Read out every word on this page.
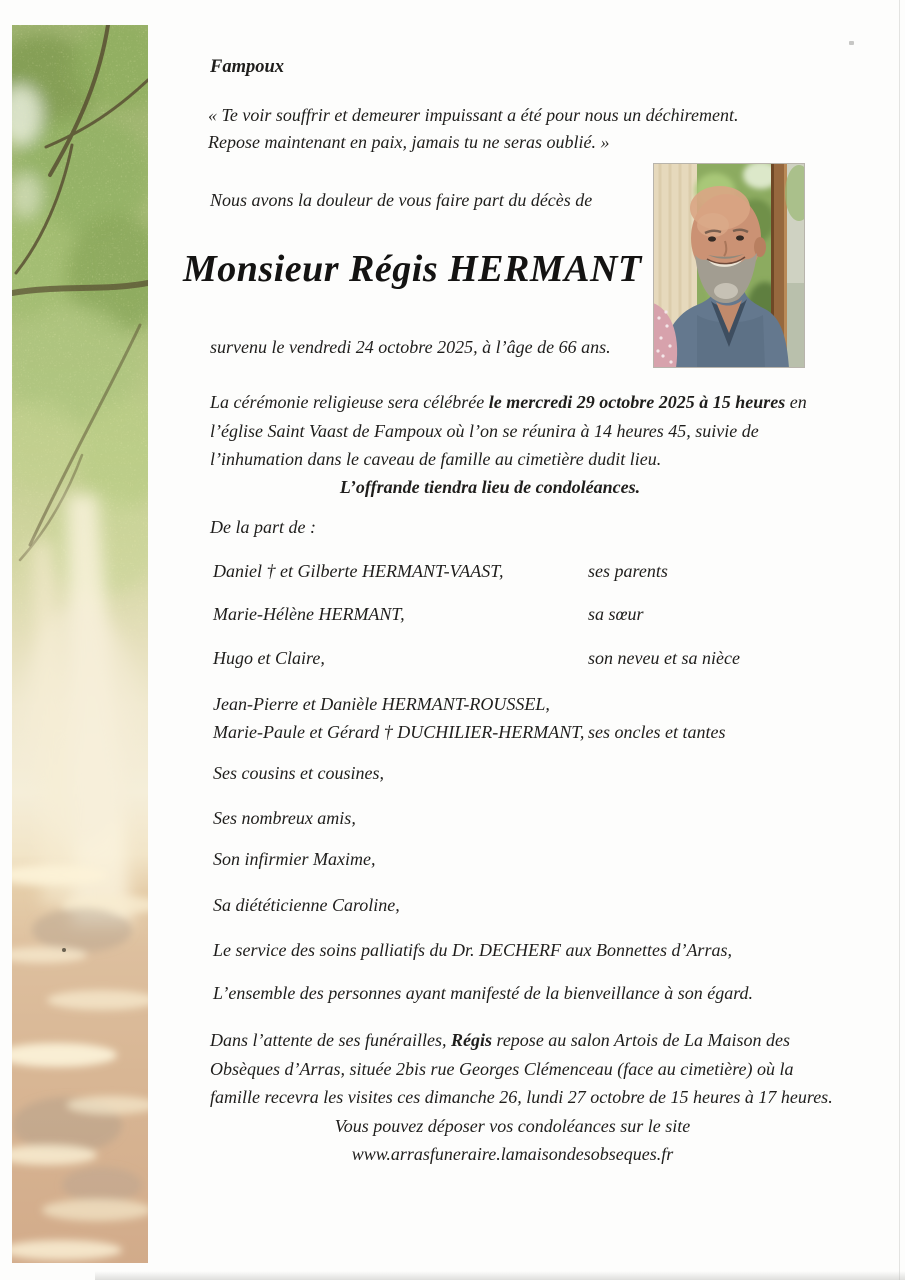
Fampoux
« Te voir souffrir et demeurer impuissant a été pour nous un déchirement.
Repose maintenant en paix, jamais tu ne seras oublié. »
Nous avons la douleur de vous faire part du décès de
Monsieur Régis HERMANT
survenu le vendredi 24 octobre 2025, à l’âge de 66 ans.
La cérémonie religieuse sera célébrée le mercredi 29 octobre 2025 à 15 heures en l’église Saint Vaast de Fampoux où l’on se réunira à 14 heures 45, suivie de l’inhumation dans le caveau de famille au cimetière dudit lieu.
L’offrande tiendra lieu de condoléances.
De la part de :
Daniel † et Gilberte HERMANT-VAAST,	ses parents
Marie-Hélène HERMANT,	sa sœur
Hugo et Claire,	son neveu et sa nièce
Jean-Pierre et Danièle HERMANT-ROUSSEL,
Marie-Paule et Gérard † DUCHILIER-HERMANT, ses oncles et tantes
Ses cousins et cousines,
Ses nombreux amis,
Son infirmier Maxime,
Sa diététicienne Caroline,
Le service des soins palliatifs du Dr. DECHERF aux Bonnettes d’Arras,
L’ensemble des personnes ayant manifesté de la bienveillance à son égard.
Dans l’attente de ses funérailles, Régis repose au salon Artois de La Maison des Obsèques d’Arras, située 2bis rue Georges Clémenceau (face au cimetière) où la famille recevra les visites ces dimanche 26, lundi 27 octobre de 15 heures à 17 heures.
Vous pouvez déposer vos condoléances sur le site
www.arrasfuneraire.lamaisondesobseques.fr
